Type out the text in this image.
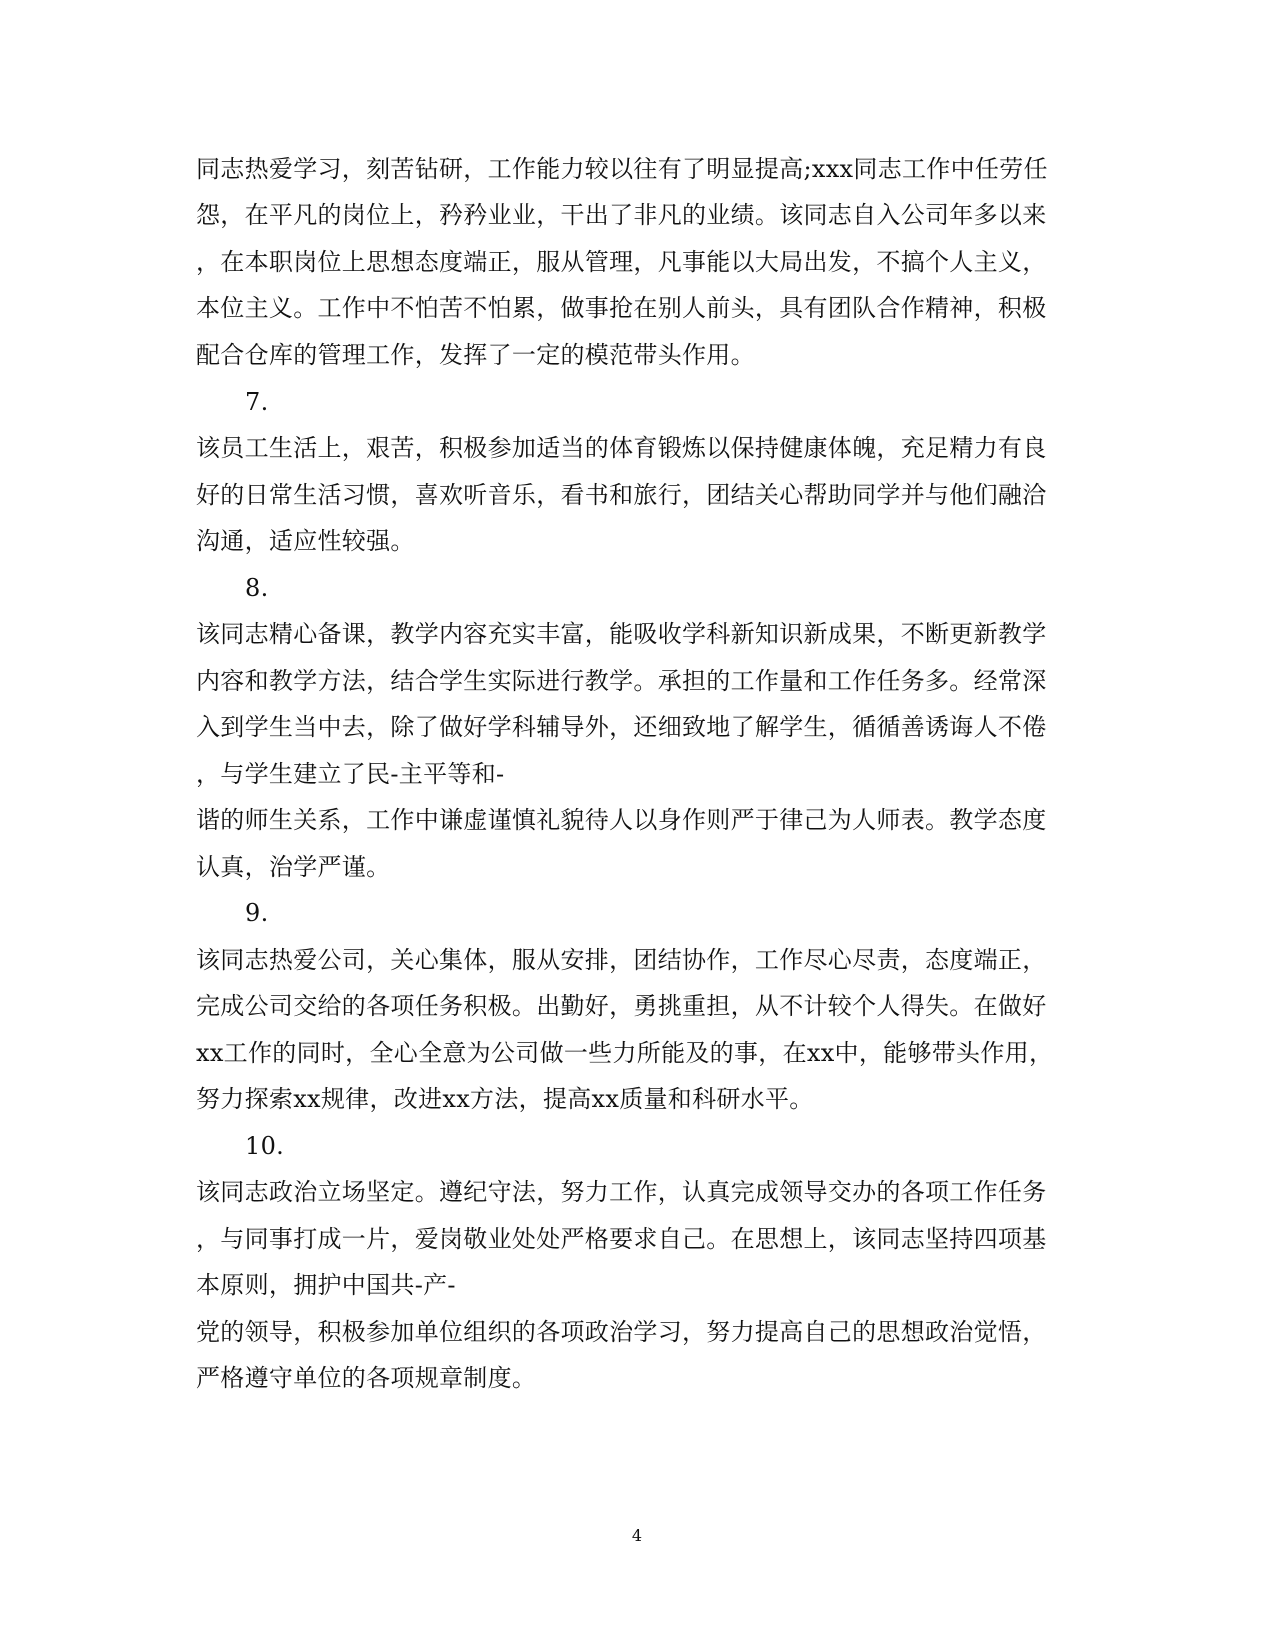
同志热爱学习，刻苦钻研，工作能力较以往有了明显提高;xxx同志工作中任劳任
怨，在平凡的岗位上，矜矜业业，干出了非凡的业绩。该同志自入公司年多以来
，在本职岗位上思想态度端正，服从管理，凡事能以大局出发，不搞个人主义，
本位主义。工作中不怕苦不怕累，做事抢在别人前头，具有团队合作精神，积极
配合仓库的管理工作，发挥了一定的模范带头作用。
7.
该员工生活上，艰苦，积极参加适当的体育锻炼以保持健康体魄，充足精力有良
好的日常生活习惯，喜欢听音乐，看书和旅行，团结关心帮助同学并与他们融洽
沟通，适应性较强。
8.
该同志精心备课，教学内容充实丰富，能吸收学科新知识新成果，不断更新教学
内容和教学方法，结合学生实际进行教学。承担的工作量和工作任务多。经常深
入到学生当中去，除了做好学科辅导外，还细致地了解学生，循循善诱诲人不倦
，与学生建立了民-主平等和-
谐的师生关系，工作中谦虚谨慎礼貌待人以身作则严于律己为人师表。教学态度
认真，治学严谨。
9.
该同志热爱公司，关心集体，服从安排，团结协作，工作尽心尽责，态度端正，
完成公司交给的各项任务积极。出勤好，勇挑重担，从不计较个人得失。在做好
xx工作的同时，全心全意为公司做一些力所能及的事，在xx中，能够带头作用，
努力探索xx规律，改进xx方法，提高xx质量和科研水平。
10.
该同志政治立场坚定。遵纪守法，努力工作，认真完成领导交办的各项工作任务
，与同事打成一片，爱岗敬业处处严格要求自己。在思想上，该同志坚持四项基
本原则，拥护中国共-产-
党的领导，积极参加单位组织的各项政治学习，努力提高自己的思想政治觉悟，
严格遵守单位的各项规章制度。
4
